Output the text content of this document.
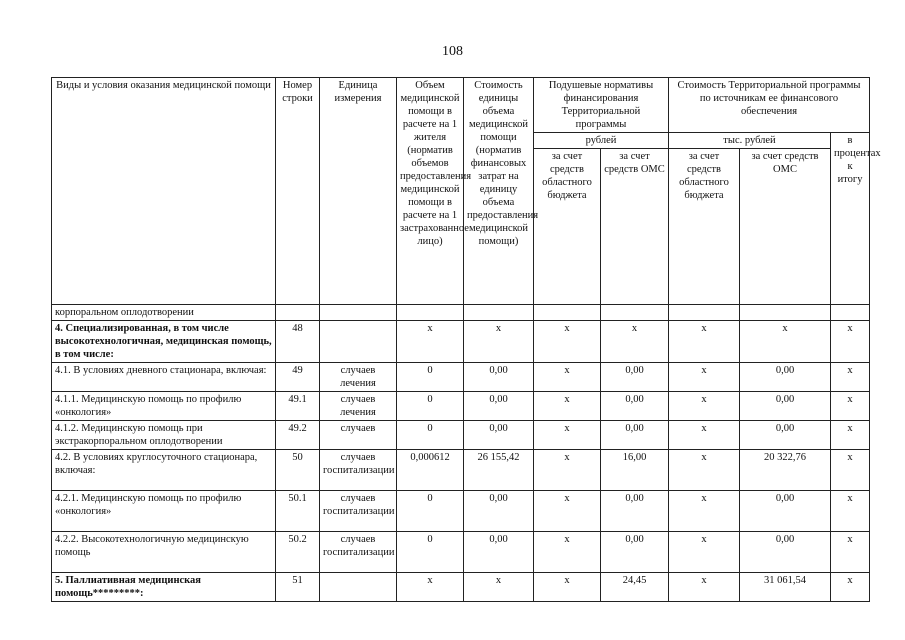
108
Виды и условия оказания медицинской помощи	Номер строки	Единица измерения	Объем медицинской помощи в расчете на 1 жителя (норматив объемов предоставления медицинской помощи в расчете на 1 застрахованное лицо)	Стоимость единицы объема медицинской помощи (норматив финансовых затрат на единицу объема предоставления медицинской помощи)	Подушевые нормативы финансирования Территориальной программы		Стоимость Территориальной программы по источникам ее финансового обеспечения		
					рублей		тыс. рублей		в процентах к итогу
					за счет средств областного бюджета	за счет средств ОМС	за счет средств областного бюджета	за счет средств ОМС	
корпоральном оплодотворении									
4. Специализированная, в том числе высокотехнологичная, медицинская помощь, в том числе:	48		х	х	х	х	х	х	х
4.1. В условиях дневного стационара, включая:	49	случаев лечения	0	0,00	х	0,00	х	0,00	х
4.1.1. Медицинскую помощь по профилю «онкология»	49.1	случаев лечения	0	0,00	х	0,00	х	0,00	х
4.1.2. Медицинскую помощь при экстракорпоральном оплодотворении	49.2	случаев	0	0,00	х	0,00	х	0,00	х
4.2. В условиях круглосуточного стационара, включая:	50	случаев госпитализации	0,000612	26 155,42	х	16,00	х	20 322,76	х
4.2.1. Медицинскую помощь по профилю «онкология»	50.1	случаев госпитализации	0	0,00	х	0,00	х	0,00	х
4.2.2. Высокотехнологичную медицинскую помощь	50.2	случаев госпитализации	0	0,00	х	0,00	х	0,00	х
5. Паллиативная медицинская помощь*********:	51		х	х	х	24,45	х	31 061,54	х
